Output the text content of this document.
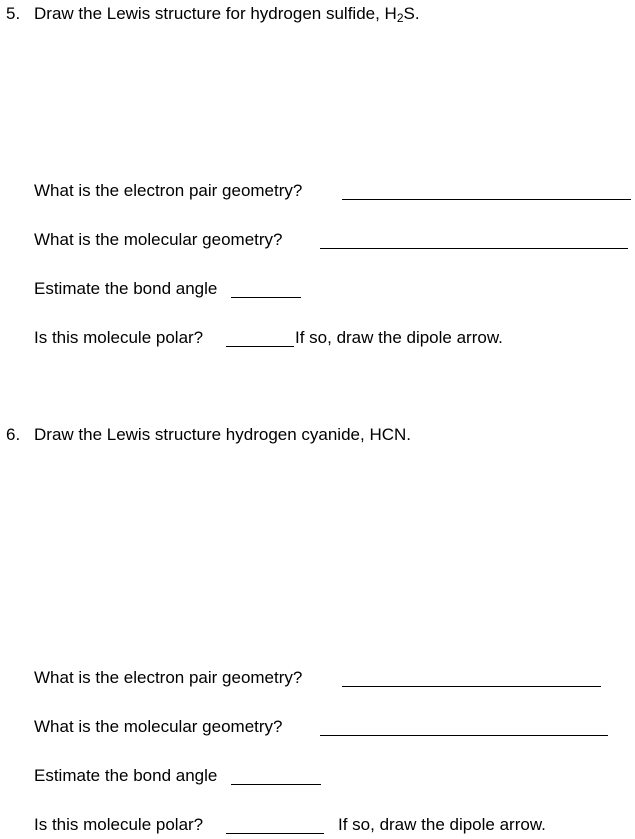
5. Draw the Lewis structure for hydrogen sulfide, $H_2S$.
What is the electron pair geometry?
What is the molecular geometry?
Estimate the bond angle
Is this molecule polar?	If so, draw the dipole arrow.
6. Draw the Lewis structure hydrogen cyanide, HCN.
What is the electron pair geometry?
What is the molecular geometry?
Estimate the bond angle
Is this molecule polar?	If so, draw the dipole arrow.
